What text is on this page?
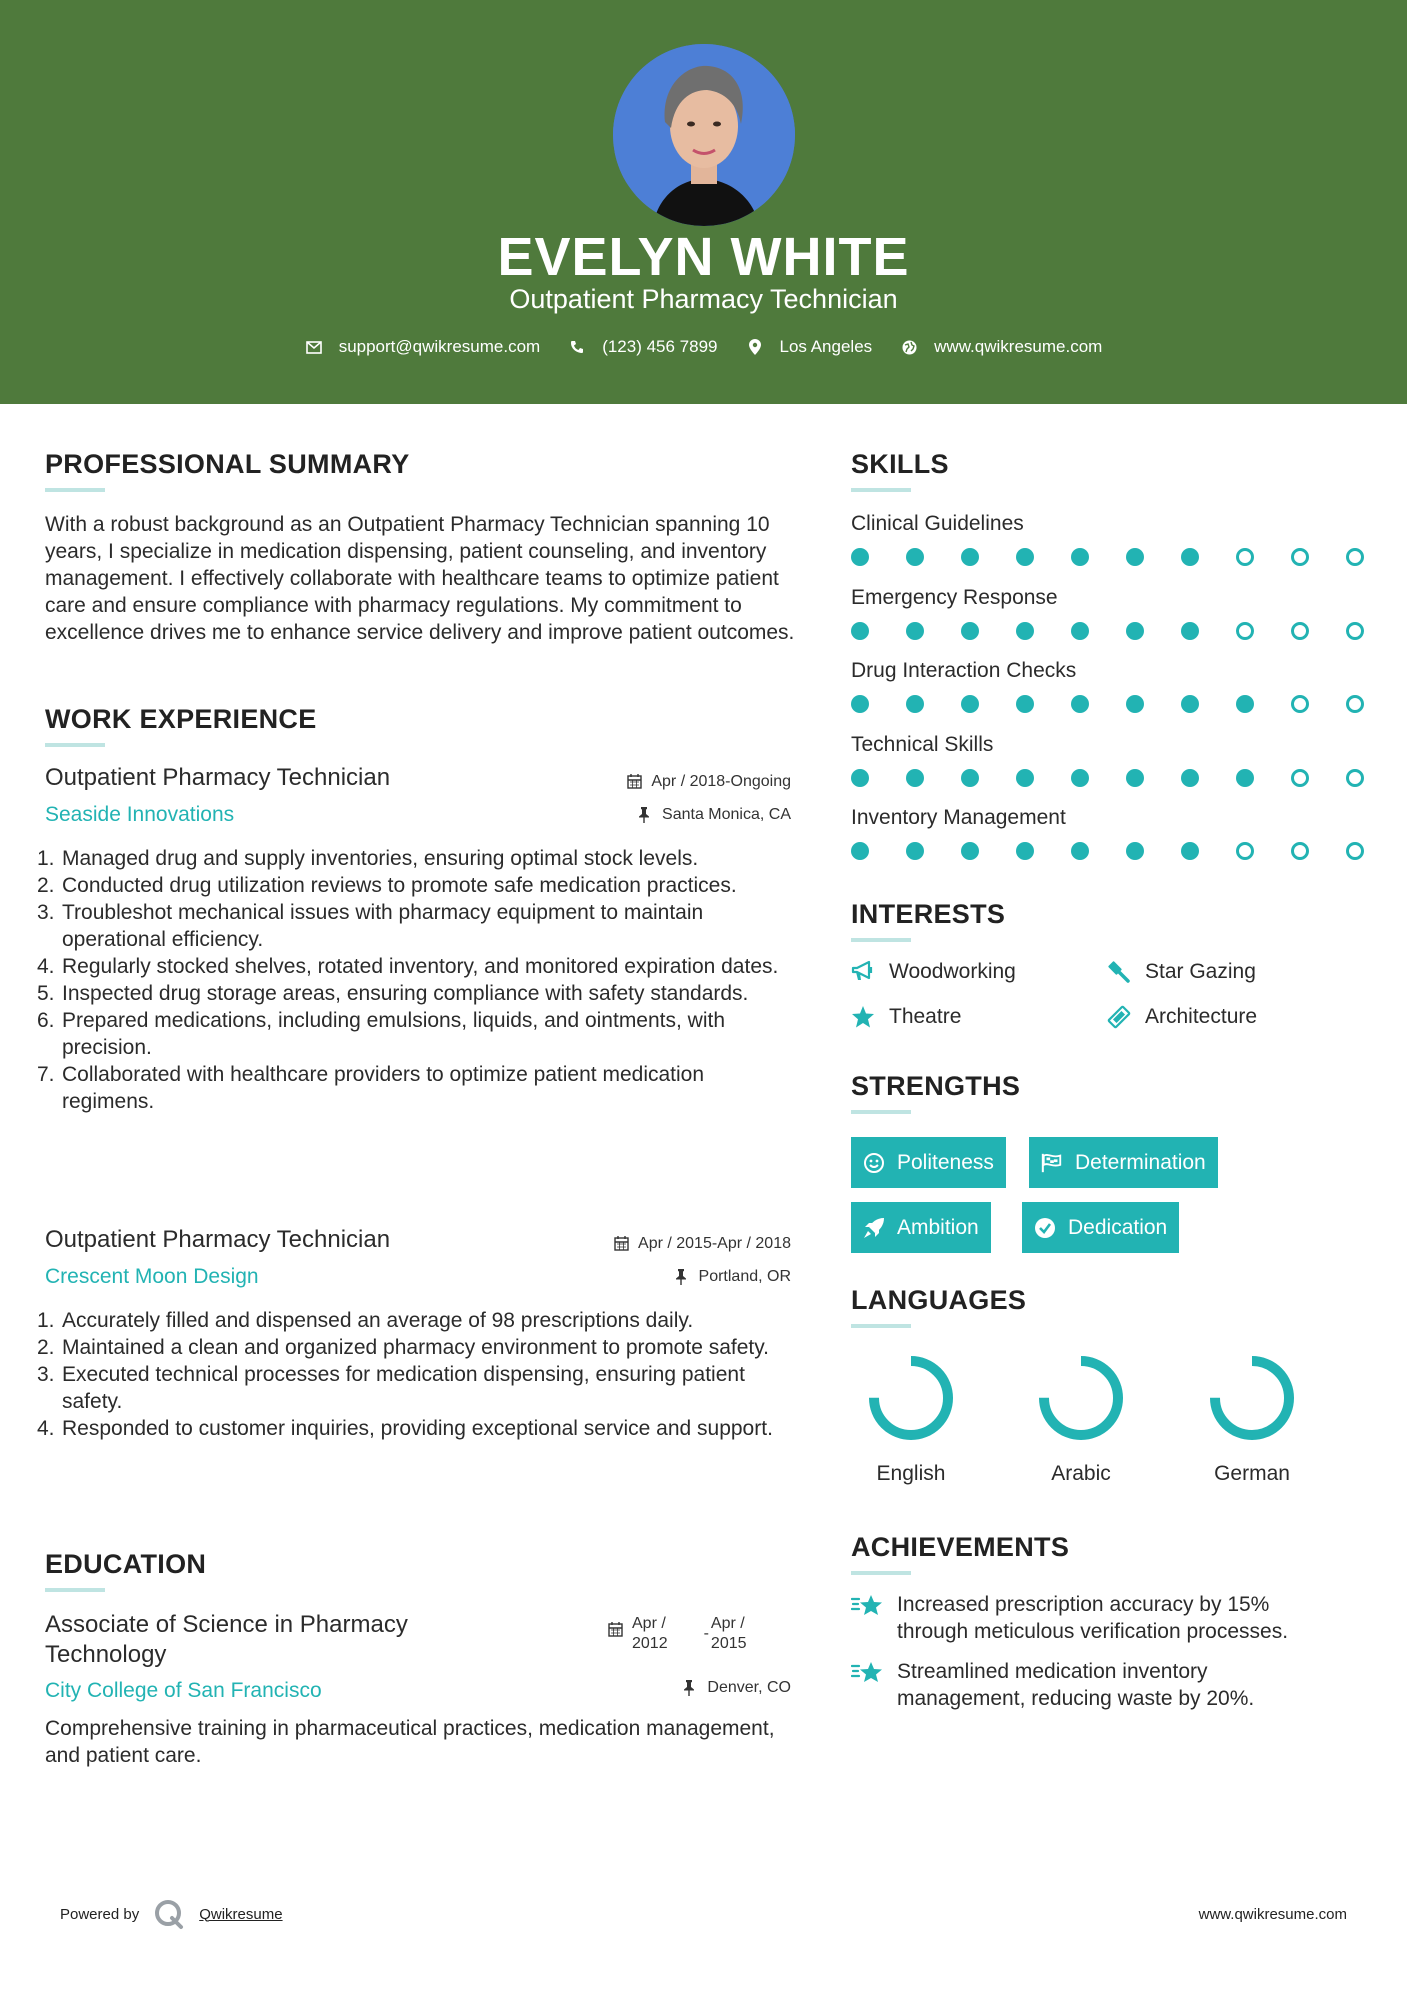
EVELYN WHITE
Outpatient Pharmacy Technician
support@qwikresume.com	(123) 456 7899	Los Angeles	www.qwikresume.com
PROFESSIONAL SUMMARY
With a robust background as an Outpatient Pharmacy Technician spanning 10 years, I specialize in medication dispensing, patient counseling, and inventory management. I effectively collaborate with healthcare teams to optimize patient care and ensure compliance with pharmacy regulations. My commitment to excellence drives me to enhance service delivery and improve patient outcomes.
WORK EXPERIENCE
Outpatient Pharmacy Technician	Apr / 2018-Ongoing
Seaside Innovations	Santa Monica, CA
1. Managed drug and supply inventories, ensuring optimal stock levels.
2. Conducted drug utilization reviews to promote safe medication practices.
3. Troubleshot mechanical issues with pharmacy equipment to maintain operational efficiency.
4. Regularly stocked shelves, rotated inventory, and monitored expiration dates.
5. Inspected drug storage areas, ensuring compliance with safety standards.
6. Prepared medications, including emulsions, liquids, and ointments, with precision.
7. Collaborated with healthcare providers to optimize patient medication regimens.
Outpatient Pharmacy Technician	Apr / 2015-Apr / 2018
Crescent Moon Design	Portland, OR
1. Accurately filled and dispensed an average of 98 prescriptions daily.
2. Maintained a clean and organized pharmacy environment to promote safety.
3. Executed technical processes for medication dispensing, ensuring patient safety.
4. Responded to customer inquiries, providing exceptional service and support.
EDUCATION
Associate of Science in Pharmacy
Technology
Apr /
2012
-
Apr /
2015
City College of San Francisco	Denver, CO
Comprehensive training in pharmaceutical practices, medication management, and patient care.
SKILLS
Clinical Guidelines
Emergency Response
Drug Interaction Checks
Technical Skills
Inventory Management
INTERESTS
Woodworking	Star Gazing
Theatre	Architecture
STRENGTHS
Politeness	Determination
Ambition	Dedication
LANGUAGES
English	Arabic	German
ACHIEVEMENTS
Increased prescription accuracy by 15%
through meticulous verification processes.
Streamlined medication inventory
management, reducing waste by 20%.
Powered by	Qwikresume	www.qwikresume.com
